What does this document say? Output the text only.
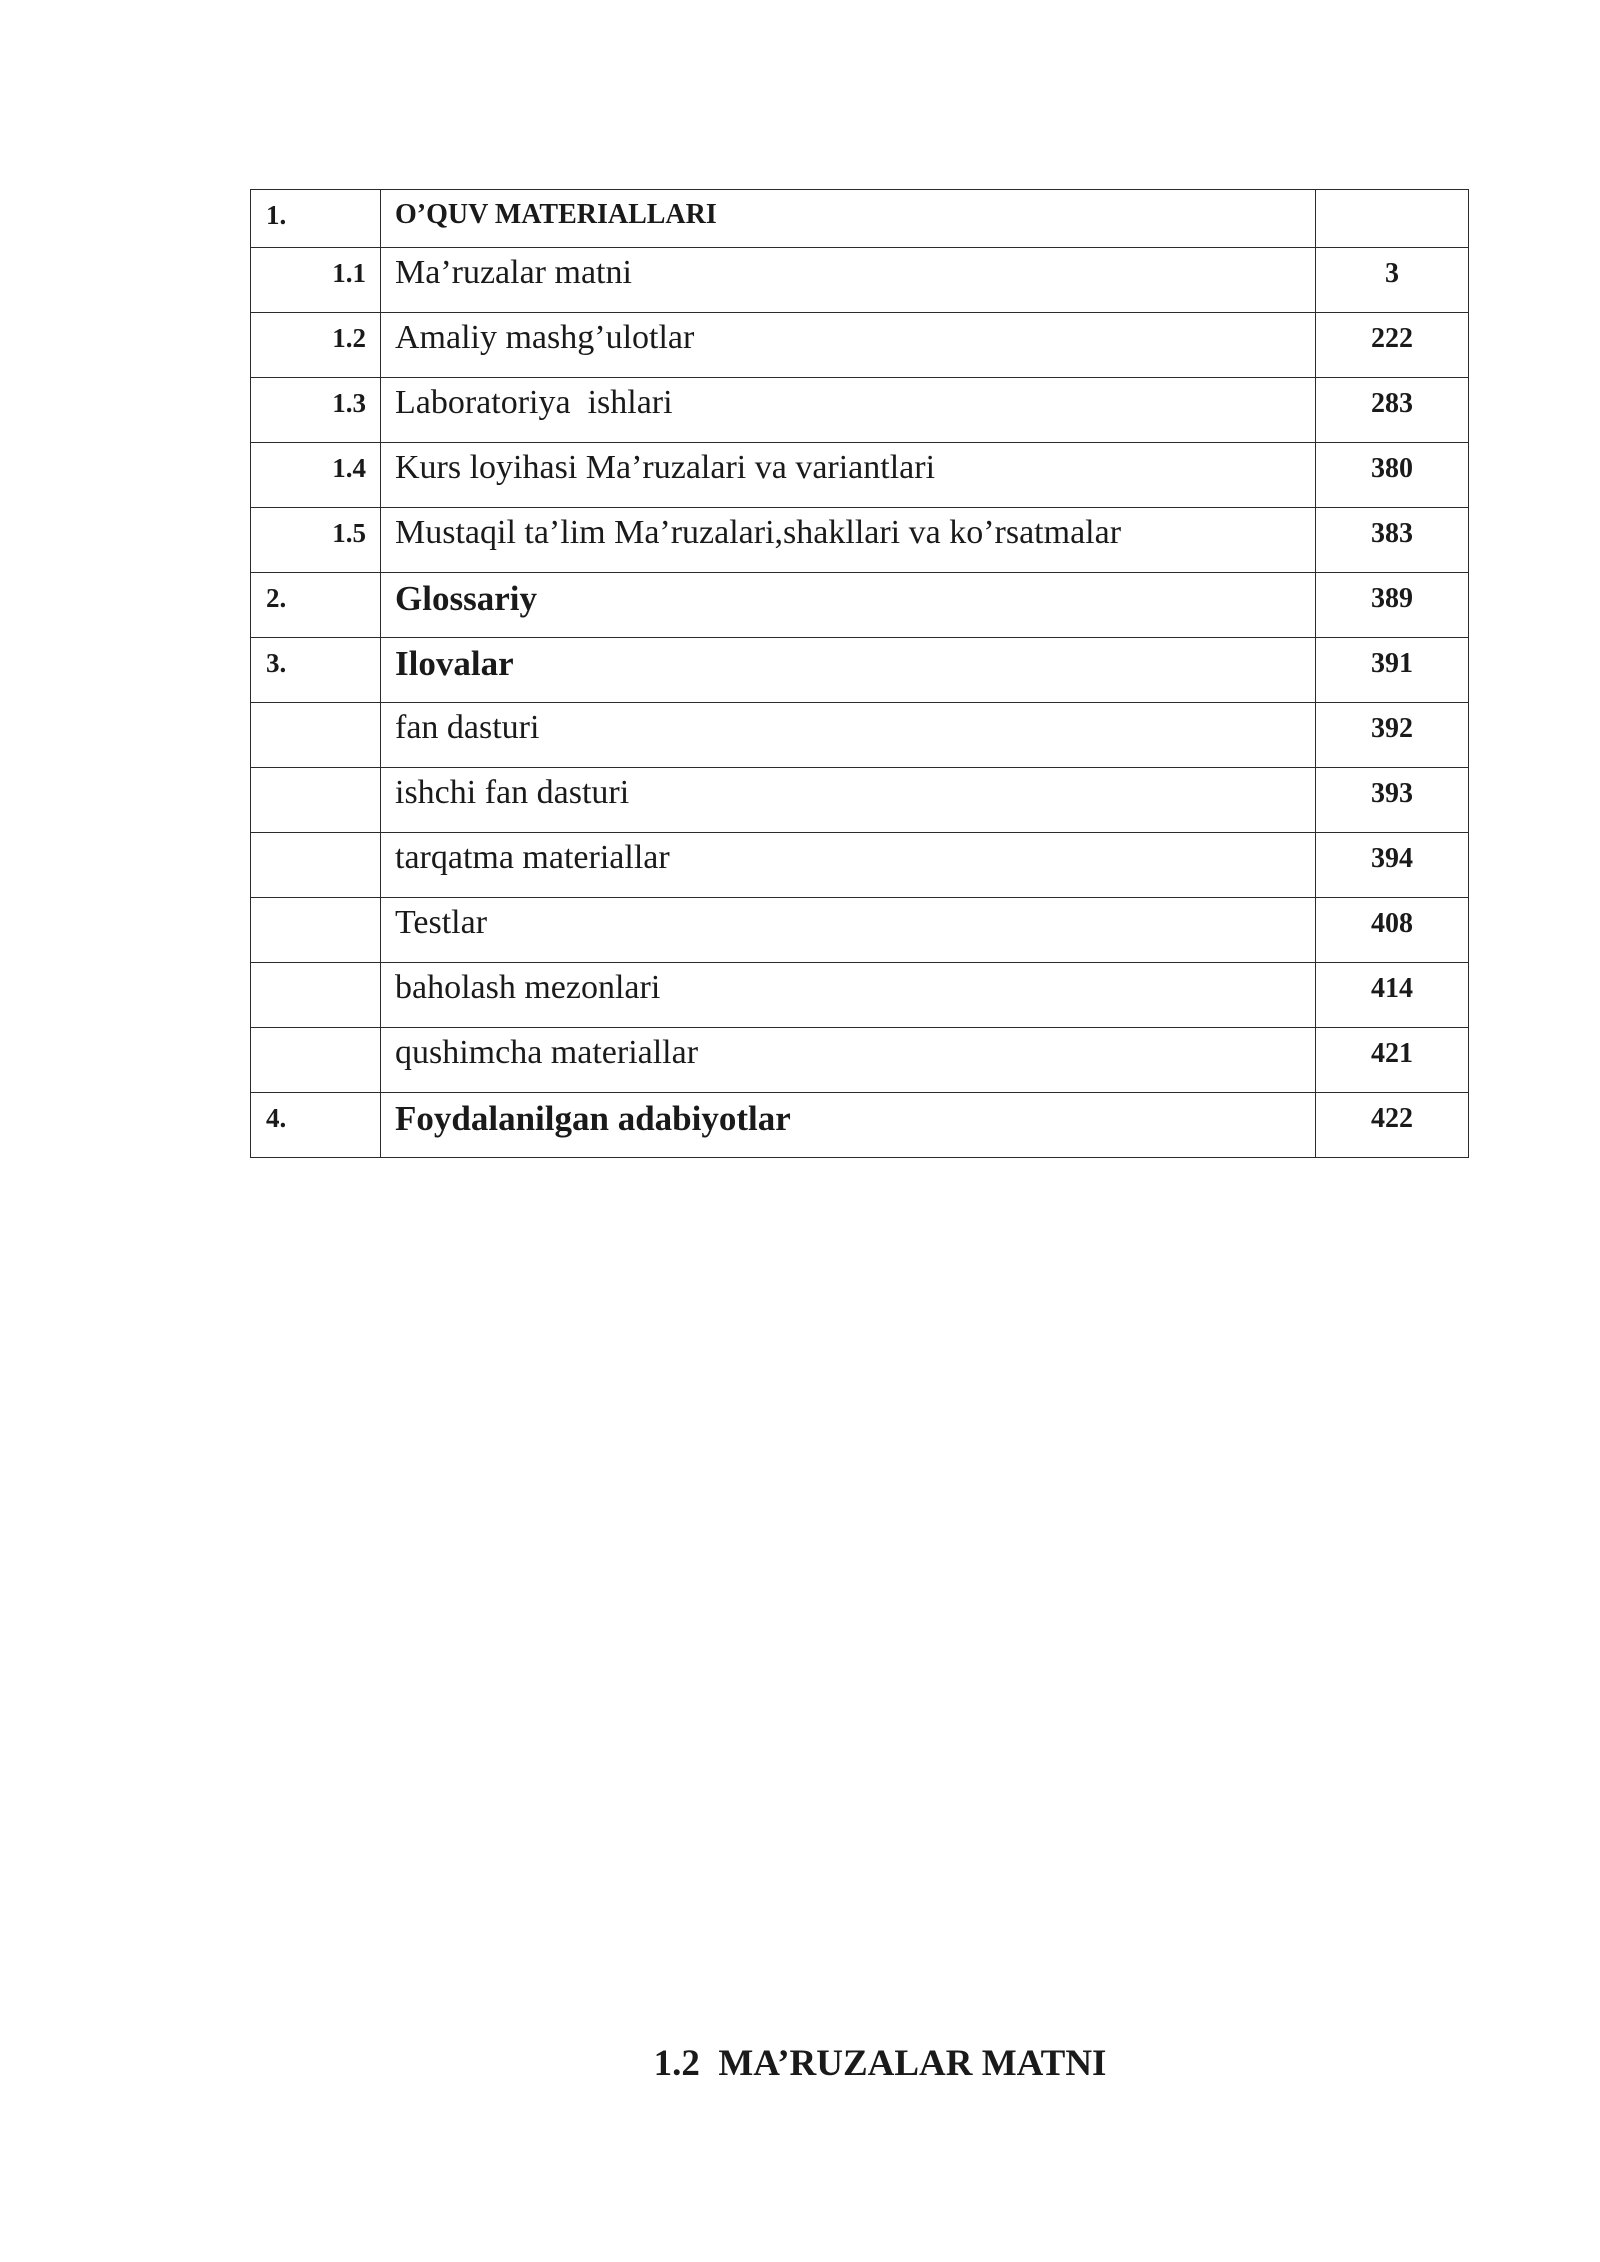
1.	O’QUV MATERIALLARI	

1.1	Ma’ruzalar matni	3

1.2	Amaliy mashg’ulotlar	222

1.3	Laboratoriya  ishlari	283

1.4	Kurs loyihasi Ma’ruzalari va variantlari	380

1.5	Mustaqil ta’lim Ma’ruzalari,shakllari va ko’rsatmalar	383

2.	Glossariy	389

3.	Ilovalar	391

	fan dasturi	392

	ishchi fan dasturi	393

	tarqatma materiallar	394

	Testlar	408

	baholash mezonlari	414

	qushimcha materiallar	421

4.	Foydalanilgan adabiyotlar	422
1.2  MA’RUZALAR MATNI
